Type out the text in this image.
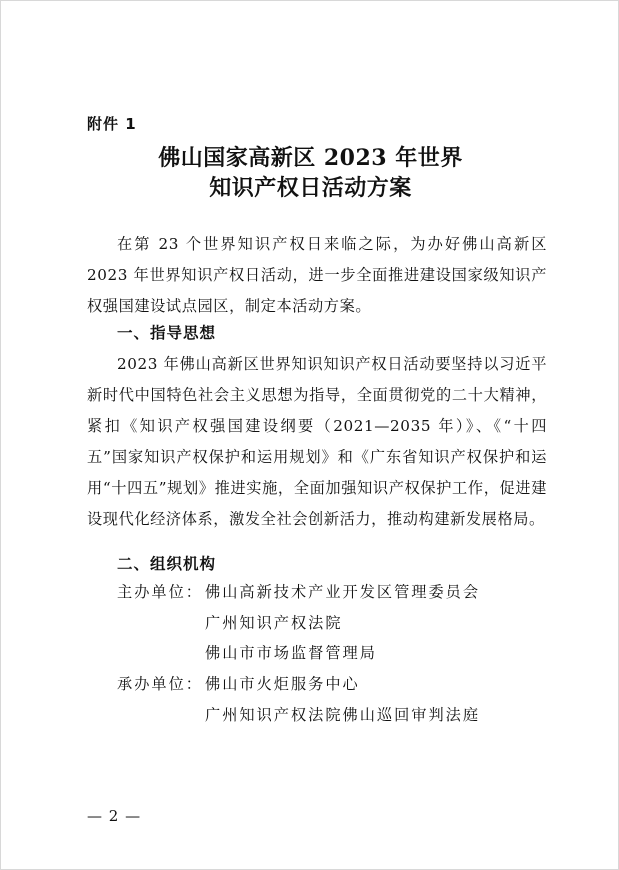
附件 1
佛山国家高新区 2023 年世界
知识产权日活动方案
在第 23 个世界知识产权日来临之际，为办好佛山高新区 2023 年世界知识产权日活动，进一步全面推进建设国家级知识产权强国建设试点园区，制定本活动方案。
一、指导思想
2023 年佛山高新区世界知识知识产权日活动要坚持以习近平新时代中国特色社会主义思想为指导，全面贯彻党的二十大精神，紧扣《知识产权强国建设纲要（2021—2035 年）》、《“十四五”国家知识产权保护和运用规划》和《广东省知识产权保护和运用“十四五”规划》推进实施，全面加强知识产权保护工作，促进建设现代化经济体系，激发全社会创新活力，推动构建新发展格局。
二、组织机构
主办单位： 佛山高新技术产业开发区管理委员会
广州知识产权法院
佛山市市场监督管理局
承办单位： 佛山市火炬服务中心
广州知识产权法院佛山巡回审判法庭
— 2 —
